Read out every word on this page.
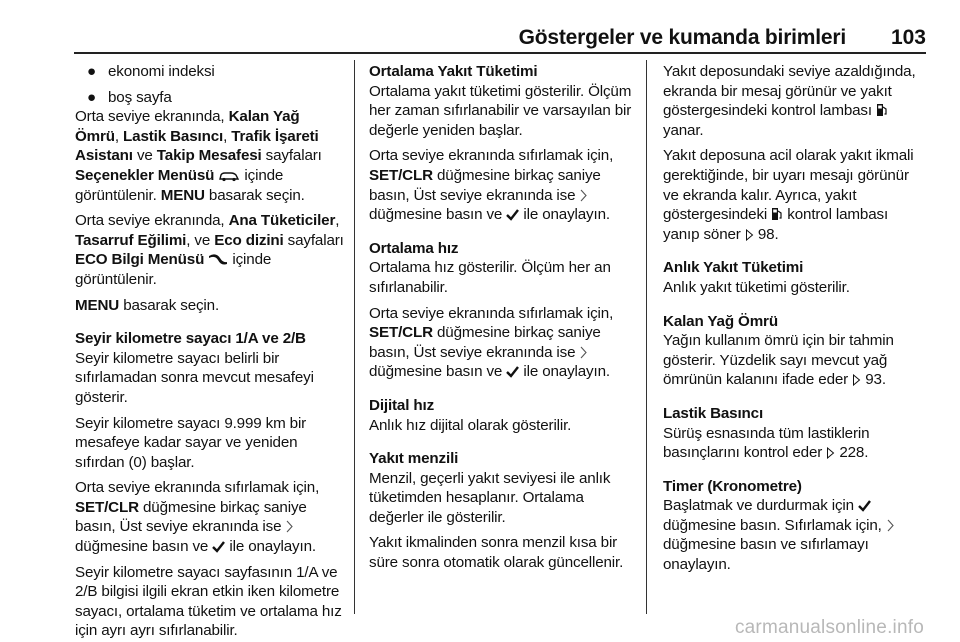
Göstergeler ve kumanda birimleri 103
● ekonomi indeksi
● boş sayfa

Orta seviye ekranında, Kalan Yağ Ömrü, Lastik Basıncı, Trafik İşareti Asistanı ve Takip Mesafesi sayfaları Seçenekler Menüsü  içinde görüntülenir. MENU basarak seçin.

Orta seviye ekranında, Ana Tüketiciler, Tasarruf Eğilimi, ve Eco dizini sayfaları ECO Bilgi Menüsü  içinde görüntülenir.

MENU basarak seçin.

Seyir kilometre sayacı 1/A ve 2/B

Seyir kilometre sayacı belirli bir sıfırlamadan sonra mevcut mesafeyi gösterir.

Seyir kilometre sayacı 9.999 km bir mesafeye kadar sayar ve yeniden sıfırdan (0) başlar.

Orta seviye ekranında sıfırlamak için, SET/CLR düğmesine birkaç saniye basın, Üst seviye ekranında ise
düğmesine basın ve  ile onaylayın.

Seyir kilometre sayacı sayfasının 1/A ve 2/B bilgisi ilgili ekran etkin iken kilometre sayacı, ortalama tüketim ve ortalama hız için ayrı ayrı sıfırlanabilir.

Ortalama Yakıt Tüketimi

Ortalama yakıt tüketimi gösterilir. Ölçüm her zaman sıfırlanabilir ve varsayılan bir değerle yeniden başlar.

Orta seviye ekranında sıfırlamak için, SET/CLR düğmesine birkaç saniye basın, Üst seviye ekranında ise
düğmesine basın ve  ile onaylayın.

Ortalama hız

Ortalama hız gösterilir. Ölçüm her an sıfırlanabilir.

Orta seviye ekranında sıfırlamak için, SET/CLR düğmesine birkaç saniye basın, Üst seviye ekranında ise
düğmesine basın ve  ile onaylayın.

Dijital hız

Anlık hız dijital olarak gösterilir.

Yakıt menzili

Menzil, geçerli yakıt seviyesi ile anlık tüketimden hesaplanır. Ortalama değerler ile gösterilir.

Yakıt ikmalinden sonra menzil kısa bir süre sonra otomatik olarak güncellenir.

Yakıt deposundaki seviye azaldığında, ekranda bir mesaj görünür ve yakıt göstergesindeki kontrol lambası  yanar.

Yakıt deposuna acil olarak yakıt ikmali gerektiğinde, bir uyarı mesajı görünür ve ekranda kalır. Ayrıca, yakıt göstergesindeki  kontrol lambası yanıp söner  98.

Anlık Yakıt Tüketimi

Anlık yakıt tüketimi gösterilir.

Kalan Yağ Ömrü

Yağın kullanım ömrü için bir tahmin gösterir. Yüzdelik sayı mevcut yağ ömrünün kalanını ifade eder  93.

Lastik Basıncı

Sürüş esnasında tüm lastiklerin basınçlarını kontrol eder  228.

Timer (Kronometre)

Başlatmak ve durdurmak için  düğmesine basın. Sıfırlamak için,  düğmesine basın ve sıfırlamayı onaylayın.

carmanualsonline.info
